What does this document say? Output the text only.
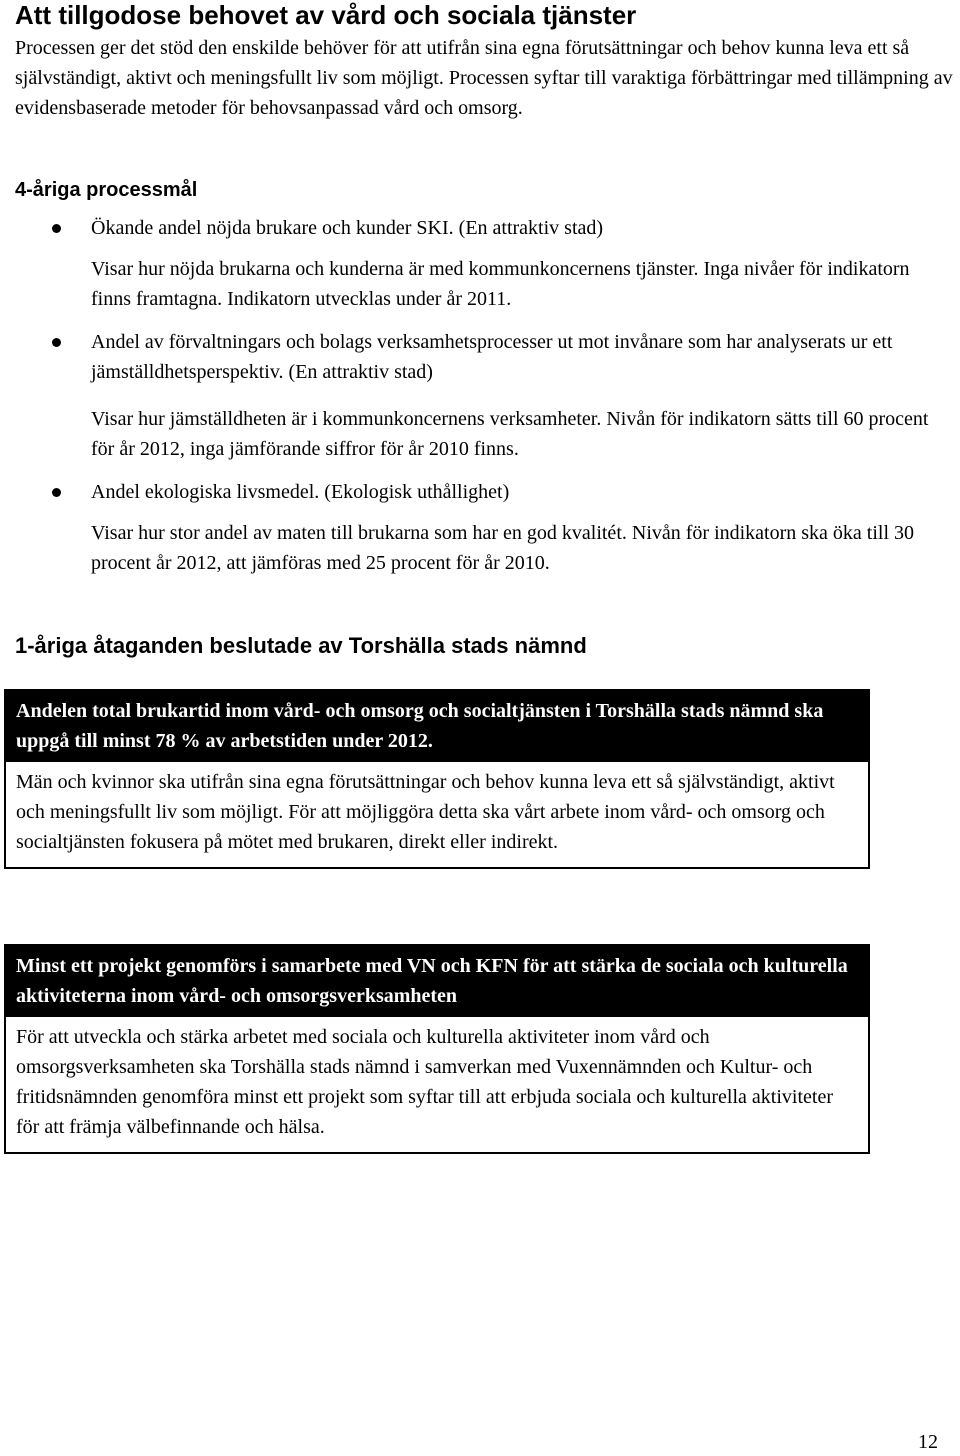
Att tillgodose behovet av vård och sociala tjänster

Processen ger det stöd den enskilde behöver för att utifrån sina egna förutsättningar och behov kunna leva ett så självständigt, aktivt och meningsfullt liv som möjligt. Processen syftar till varaktiga förbättringar med tillämpning av evidensbaserade metoder för behovsanpassad vård och omsorg.

4-åriga processmål

Ökande andel nöjda brukare och kunder SKI. (En attraktiv stad)

Visar hur nöjda brukarna och kunderna är med kommunkoncernens tjänster. Inga nivåer för indikatorn finns framtagna. Indikatorn utvecklas under år 2011.

Andel av förvaltningars och bolags verksamhetsprocesser ut mot invånare som har analyserats ur ett jämställdhetsperspektiv. (En attraktiv stad)

Visar hur jämställdheten är i kommunkoncernens verksamheter. Nivån för indikatorn sätts till 60 procent för år 2012, inga jämförande siffror för år 2010 finns.

Andel ekologiska livsmedel. (Ekologisk uthållighet)

Visar hur stor andel av maten till brukarna som har en god kvalitét. Nivån för indikatorn ska öka till 30 procent år 2012, att jämföras med 25 procent för år 2010.

1-åriga åtaganden beslutade av Torshälla stads nämnd
Andelen total brukartid inom vård- och omsorg och socialtjänsten i Torshälla stads nämnd ska uppgå till minst 78 % av arbetstiden under 2012.
Män och kvinnor ska utifrån sina egna förutsättningar och behov kunna leva ett så självständigt, aktivt och meningsfullt liv som möjligt. För att möjliggöra detta ska vårt arbete inom vård- och omsorg och socialtjänsten fokusera på mötet med brukaren, direkt eller indirekt.
Minst ett projekt genomförs i samarbete med VN och KFN för att stärka de sociala och kulturella aktiviteterna inom vård- och omsorgsverksamheten
För att utveckla och stärka arbetet med sociala och kulturella aktiviteter inom vård och omsorgsverksamheten ska Torshälla stads nämnd i samverkan med Vuxennämnden och Kultur- och fritidsnämnden genomföra minst ett projekt som syftar till att erbjuda sociala och kulturella aktiviteter för att främja välbefinnande och hälsa.
12
